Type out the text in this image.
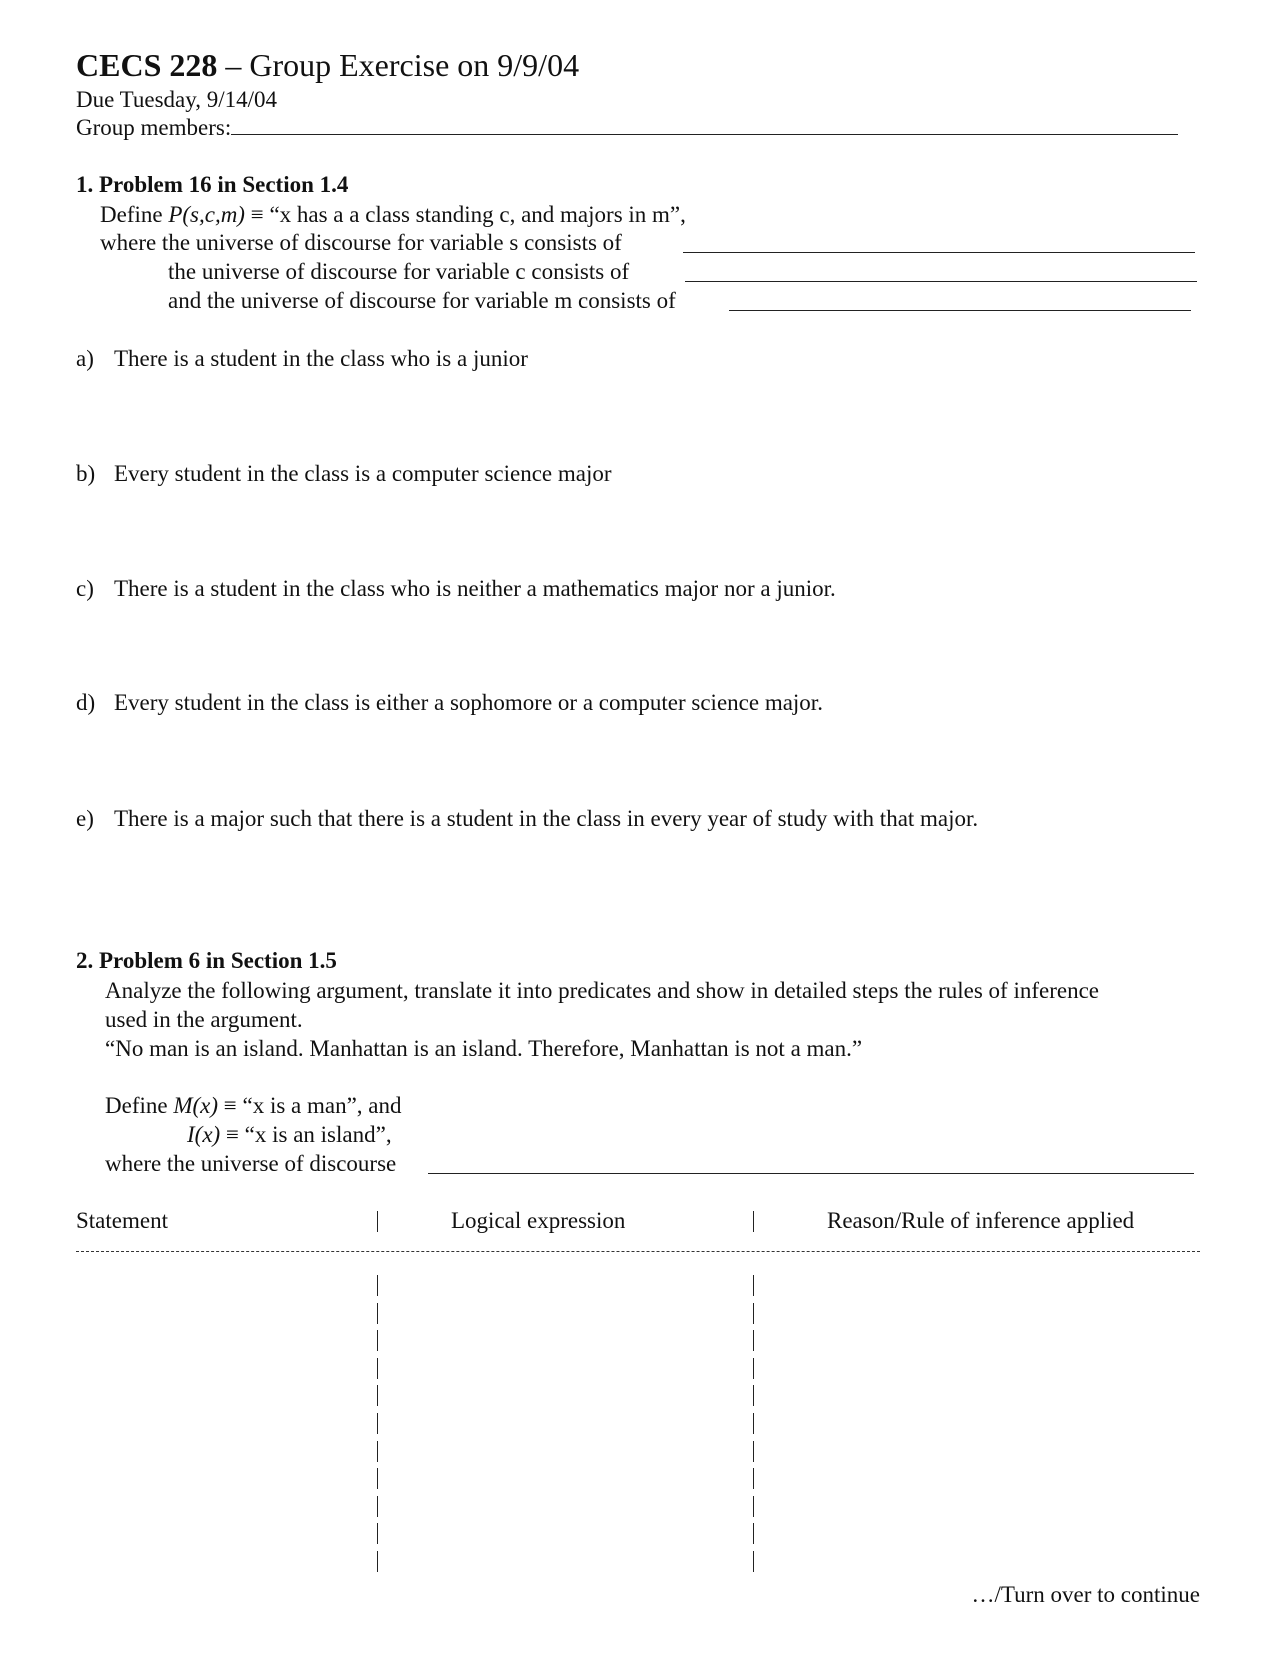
CECS 228 – Group Exercise on 9/9/04
Due Tuesday, 9/14/04
Group members:
1. Problem 16 in Section 1.4
Define P(s,c,m) ≡ “x has a a class standing c, and majors in m”,
where the universe of discourse for variable s consists of
the universe of discourse for variable c consists of
and the universe of discourse for variable m consists of
a) There is a student in the class who is a junior
b) Every student in the class is a computer science major
c) There is a student in the class who is neither a mathematics major nor a junior.
d) Every student in the class is either a sophomore or a computer science major.
e) There is a major such that there is a student in the class in every year of study with that major.
2. Problem 6 in Section 1.5
Analyze the following argument, translate it into predicates and show in detailed steps the rules of inference
used in the argument.
“No man is an island. Manhattan is an island. Therefore, Manhattan is not a man.”
Define M(x) ≡ “x is a man”, and
I(x) ≡ “x is an island”,
where the universe of discourse
Statement	Logical expression	Reason/Rule of inference applied
…/Turn over to continue
